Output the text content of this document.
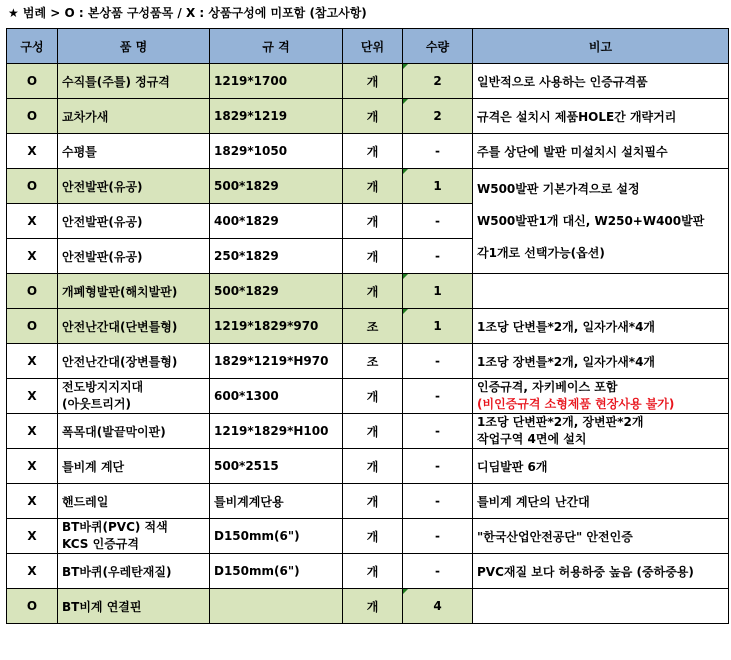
★ 범례 > O : 본상품 구성품목 / X : 상품구성에 미포함 (참고사항)
구성	품 명	규 격	단위	수량	비고
O	수직틀(주틀) 정규격	1219*1700	개	2	일반적으로 사용하는 인증규격품
O	교차가새	1829*1219	개	2	규격은 설치시 제품HOLE간 개략거리
X	수평틀	1829*1050	개	-	주틀 상단에 발판 미설치시 설치필수
O	안전발판(유공)	500*1829	개	1	W500발판 기본가격으로 설정
W500발판1개 대신, W250+W400발판
각1개로 선택가능(옵션)

X	안전발판(유공)	400*1829	개	-	
X	안전발판(유공)	250*1829	개	-	
O	개폐형발판(해치발판)	500*1829	개	1	
O	안전난간대(단변틀형)	1219*1829*970	조	1	1조당 단변틀*2개, 일자가새*4개
X	안전난간대(장변틀형)	1829*1219*H970	조	-	1조당 장변틀*2개, 일자가새*4개
X	전도방지지지대
(아웃트리거)	600*1300	개	-	인증규격, 자키베이스 포함
(비인증규격 소형제품 현장사용 불가)

X	폭목대(발끝막이판)	1219*1829*H100	개	-	1조당 단변판*2개, 장변판*2개
작업구역 4면에 설치

X	틀비계 계단	500*2515	개	-	디딤발판 6개
X	핸드레일	틀비계계단용	개	-	틀비계 계단의 난간대
X	BT바퀴(PVC) 적색
KCS 인증규격	D150mm(6")	개	-	"한국산업안전공단" 안전인증
X	BT바퀴(우레탄재질)	D150mm(6")	개	-	PVC재질 보다 허용하중 높음 (중하중용)
O	BT비계 연결핀		개	4	
